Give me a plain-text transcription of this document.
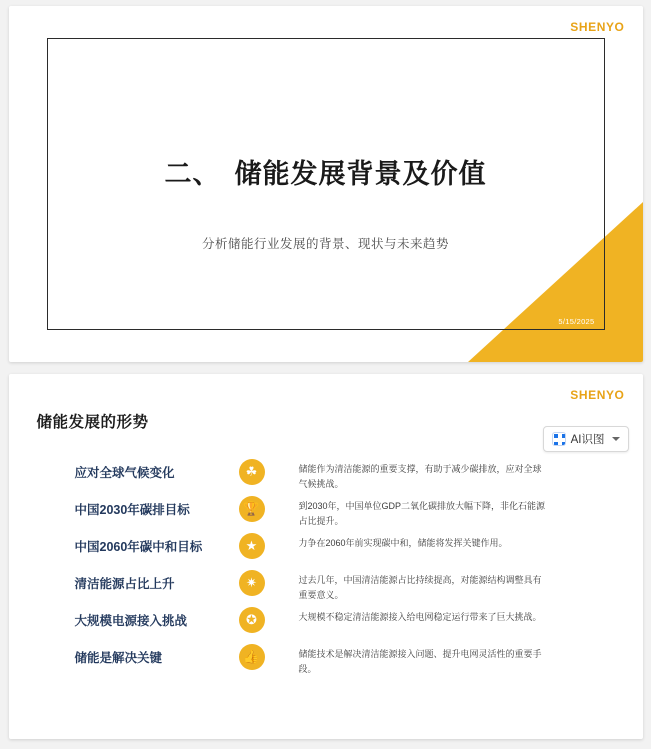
SHENYO
二、 储能发展背景及价值
分析储能行业发展的背景、现状与未来趋势
5/15/2025
SHENYO
储能发展的形势
AI识图
应对全球气候变化	☘	储能作为清洁能源的重要支撑，有助于减少碳排放，应对全球气候挑战。
中国2030年碳排目标	🏆	到2030年，中国单位GDP二氧化碳排放大幅下降，非化石能源占比提升。
中国2060年碳中和目标	★	力争在2060年前实现碳中和，储能将发挥关键作用。
清洁能源占比上升	✷	过去几年，中国清洁能源占比持续提高，对能源结构调整具有重要意义。
大规模电源接入挑战	✪	大规模不稳定清洁能源接入给电网稳定运行带来了巨大挑战。
储能是解决关键	👍	储能技术是解决清洁能源接入问题、提升电网灵活性的重要手段。
